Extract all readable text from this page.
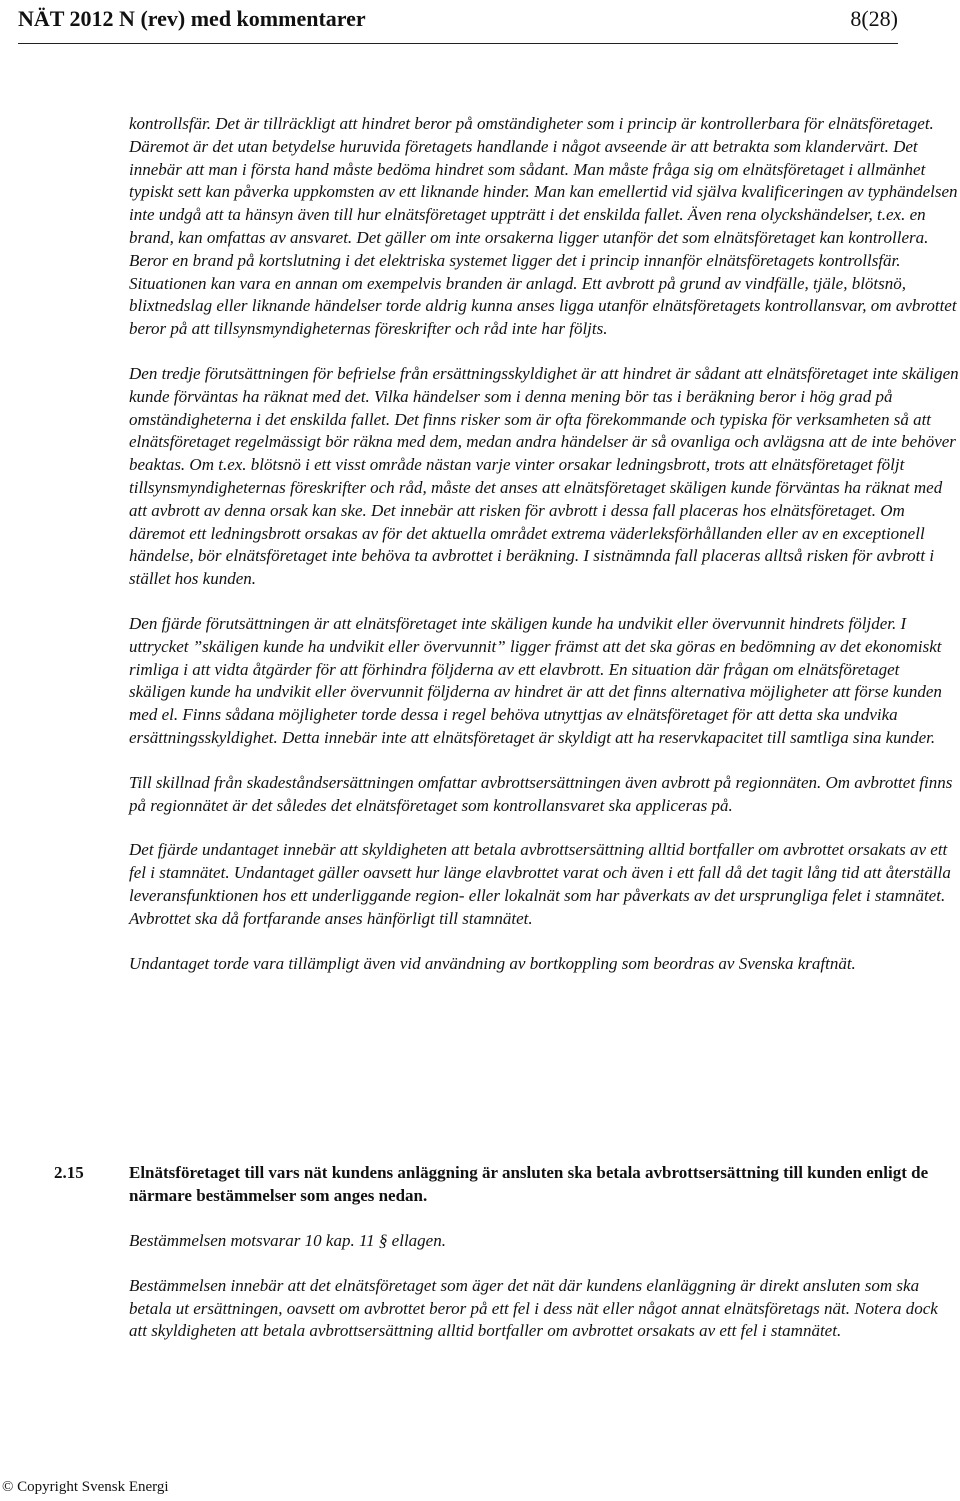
NÄT 2012 N (rev) med kommentarer	8(28)

kontrollsfär. Det är tillräckligt att hindret beror på omständigheter som i princip är kontrollerbara för elnätsföretaget. Däremot är det utan betydelse huruvida företagets handlande i något avseende är att betrakta som klandervärt. Det innebär att man i första hand måste bedöma hindret som sådant. Man måste fråga sig om elnätsföretaget i allmänhet typiskt sett kan påverka uppkomsten av ett liknande hinder. Man kan emellertid vid själva kvalificeringen av typhändelsen inte undgå att ta hänsyn även till hur elnätsföretaget uppträtt i det enskilda fallet. Även rena olyckshändelser, t.ex. en brand, kan omfattas av ansvaret. Det gäller om inte orsakerna ligger utanför det som elnätsföretaget kan kontrollera. Beror en brand på kortslutning i det elektriska systemet ligger det i princip innanför elnätsföretagets kontrollsfär. Situationen kan vara en annan om exempelvis branden är anlagd. Ett avbrott på grund av vindfälle, tjäle, blötsnö, blixtnedslag eller liknande händelser torde aldrig kunna anses ligga utanför elnätsföretagets kontrollansvar, om avbrottet beror på att tillsynsmyndigheternas föreskrifter och råd inte har följts.

Den tredje förutsättningen för befrielse från ersättningsskyldighet är att hindret är sådant att elnätsföretaget inte skäligen kunde förväntas ha räknat med det. Vilka händelser som i denna mening bör tas i beräkning beror i hög grad på omständigheterna i det enskilda fallet. Det finns risker som är ofta förekommande och typiska för verksamheten så att elnätsföretaget regelmässigt bör räkna med dem, medan andra händelser är så ovanliga och avlägsna att de inte behöver beaktas. Om t.ex. blötsnö i ett visst område nästan varje vinter orsakar ledningsbrott, trots att elnätsföretaget följt tillsynsmyndigheternas föreskrifter och råd, måste det anses att elnätsföretaget skäligen kunde förväntas ha räknat med att avbrott av denna orsak kan ske. Det innebär att risken för avbrott i dessa fall placeras hos elnätsföretaget. Om däremot ett ledningsbrott orsakas av för det aktuella området extrema väderleksförhållanden eller av en exceptionell händelse, bör elnätsföretaget inte behöva ta avbrottet i beräkning. I sistnämnda fall placeras alltså risken för avbrott i stället hos kunden.

Den fjärde förutsättningen är att elnätsföretaget inte skäligen kunde ha undvikit eller övervunnit hindrets följder. I uttrycket ”skäligen kunde ha undvikit eller övervunnit” ligger främst att det ska göras en bedömning av det ekonomiskt rimliga i att vidta åtgärder för att förhindra följderna av ett elavbrott. En situation där frågan om elnätsföretaget skäligen kunde ha undvikit eller övervunnit följderna av hindret är att det finns alternativa möjligheter att förse kunden med el. Finns sådana möjligheter torde dessa i regel behöva utnyttjas av elnätsföretaget för att detta ska undvika ersättningsskyldighet. Detta innebär inte att elnätsföretaget är skyldigt att ha reservkapacitet till samtliga sina kunder.

Till skillnad från skadeståndsersättningen omfattar avbrottsersättningen även avbrott på regionnäten. Om avbrottet finns på regionnätet är det således det elnätsföretaget som kontrollansvaret ska appliceras på.

Det fjärde undantaget innebär att skyldigheten att betala avbrottsersättning alltid bortfaller om avbrottet orsakats av ett fel i stamnätet. Undantaget gäller oavsett hur länge elavbrottet varat och även i ett fall då det tagit lång tid att återställa leveransfunktionen hos ett underliggande region- eller lokalnät som har påverkats av det ursprungliga felet i stamnätet. Avbrottet ska då fortfarande anses hänförligt till stamnätet.

Undantaget torde vara tillämpligt även vid användning av bortkoppling som beordras av Svenska kraftnät.

2.15	Elnätsföretaget till vars nät kundens anläggning är ansluten ska betala avbrottsersättning till kunden enligt de närmare bestämmelser som anges nedan.

Bestämmelsen motsvarar 10 kap. 11 § ellagen.

Bestämmelsen innebär att det elnätsföretaget som äger det nät där kundens elanläggning är direkt ansluten som ska betala ut ersättningen, oavsett om avbrottet beror på ett fel i dess nät eller något annat elnätsföretags nät. Notera dock att skyldigheten att betala avbrottsersättning alltid bortfaller om avbrottet orsakats av ett fel i stamnätet.

© Copyright Svensk Energi
